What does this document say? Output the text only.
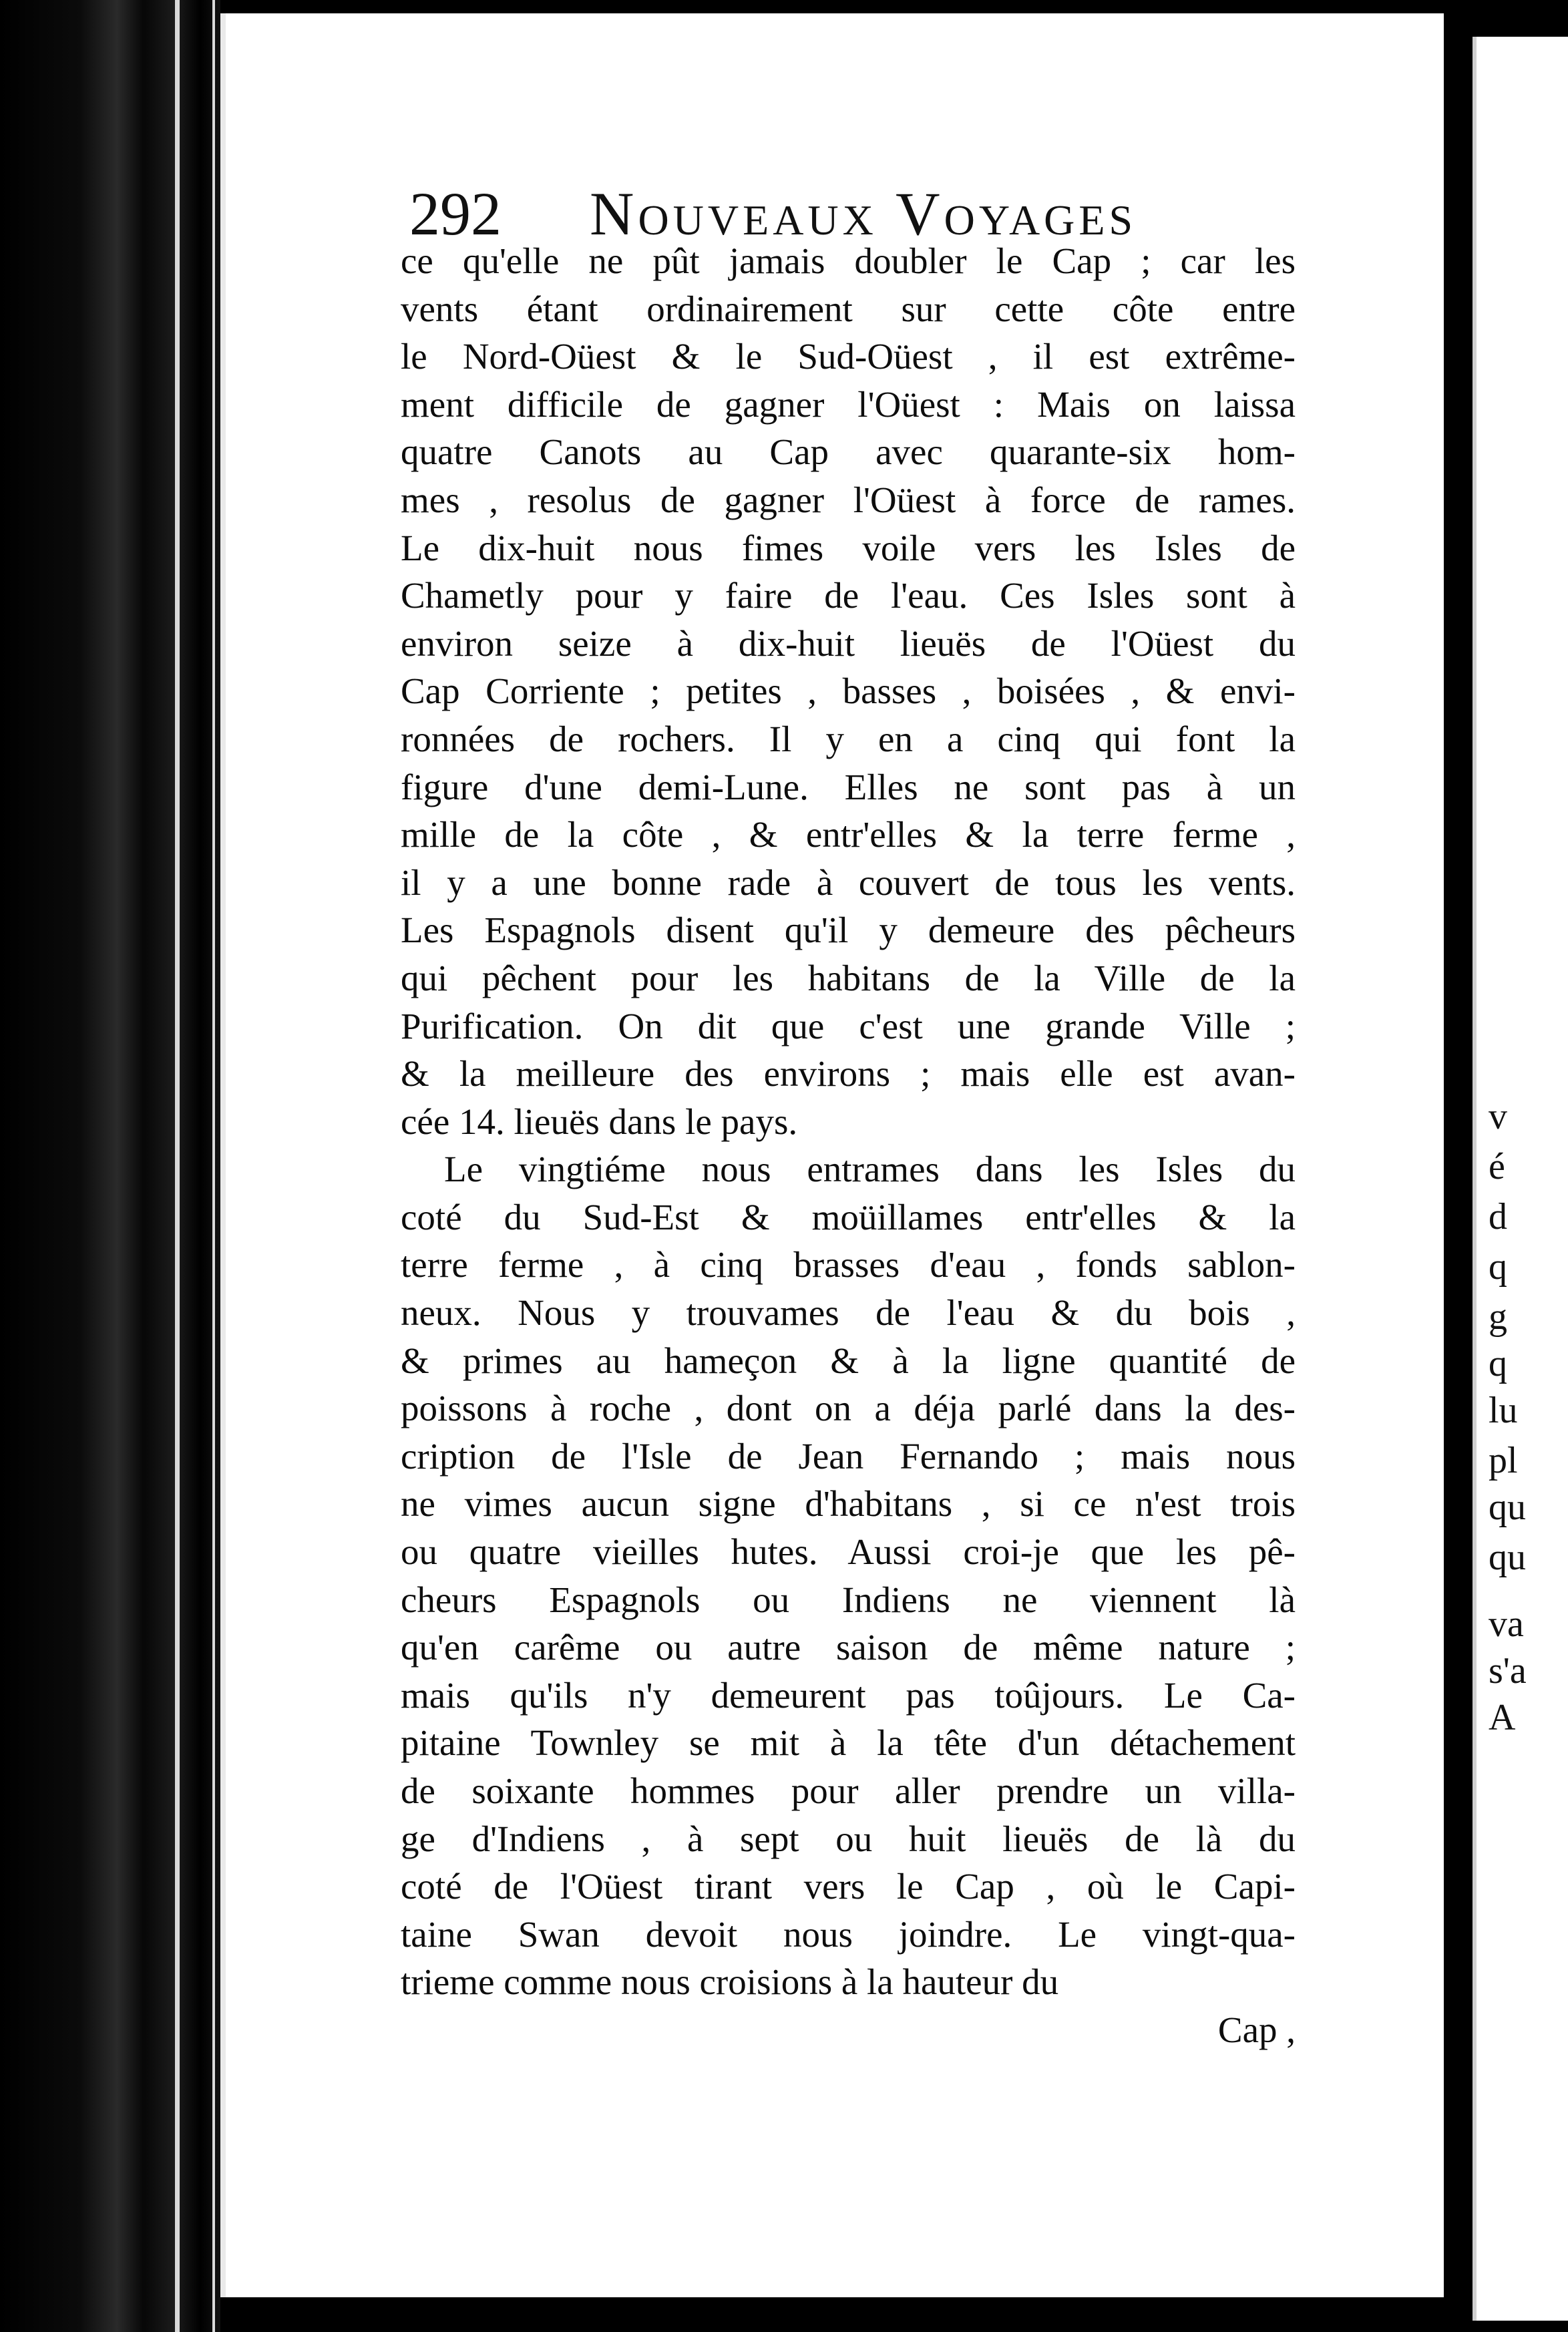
292 Nouveaux Voyages
ce qu'elle ne pût jamais doubler le Cap ; car les
vents étant ordinairement sur cette côte entre
le Nord-Oüest & le Sud-Oüest , il est extrême-
ment difficile de gagner l'Oüest : Mais on laissa
quatre Canots au Cap avec quarante-six hom-
mes , resolus de gagner l'Oüest à force de rames.
Le dix-huit nous fimes voile vers les Isles de
Chametly pour y faire de l'eau. Ces Isles sont à
environ seize à dix-huit lieuës de l'Oüest du
Cap Corriente ; petites , basses , boisées , & envi-
ronnées de rochers. Il y en a cinq qui font la
figure d'une demi-Lune. Elles ne sont pas à un
mille de la côte , & entr'elles & la terre ferme ,
il y a une bonne rade à couvert de tous les vents.
Les Espagnols disent qu'il y demeure des pêcheurs
qui pêchent pour les habitans de la Ville de la
Purification. On dit que c'est une grande Ville ;
& la meilleure des environs ; mais elle est avan-
cée 14. lieuës dans le pays.
Le vingtiéme nous entrames dans les Isles du
coté du Sud-Est & moüillames entr'elles & la
terre ferme , à cinq brasses d'eau , fonds sablon-
neux. Nous y trouvames de l'eau & du bois ,
& primes au hameçon & à la ligne quantité de
poissons à roche , dont on a déja parlé dans la des-
cription de l'Isle de Jean Fernando ; mais nous
ne vimes aucun signe d'habitans , si ce n'est trois
ou quatre vieilles hutes. Aussi croi-je que les pê-
cheurs Espagnols ou Indiens ne viennent là
qu'en carême ou autre saison de même nature ;
mais qu'ils n'y demeurent pas toûjours. Le Ca-
pitaine Townley se mit à la tête d'un détachement
de soixante hommes pour aller prendre un villa-
ge d'Indiens , à sept ou huit lieuës de là du
coté de l'Oüest tirant vers le Cap , où le Capi-
taine Swan devoit nous joindre. Le vingt-qua-
trieme comme nous croisions à la hauteur du
Cap ,
v
é
d
q
g
q
lu
pl
qu
qu
va
s'a
A
